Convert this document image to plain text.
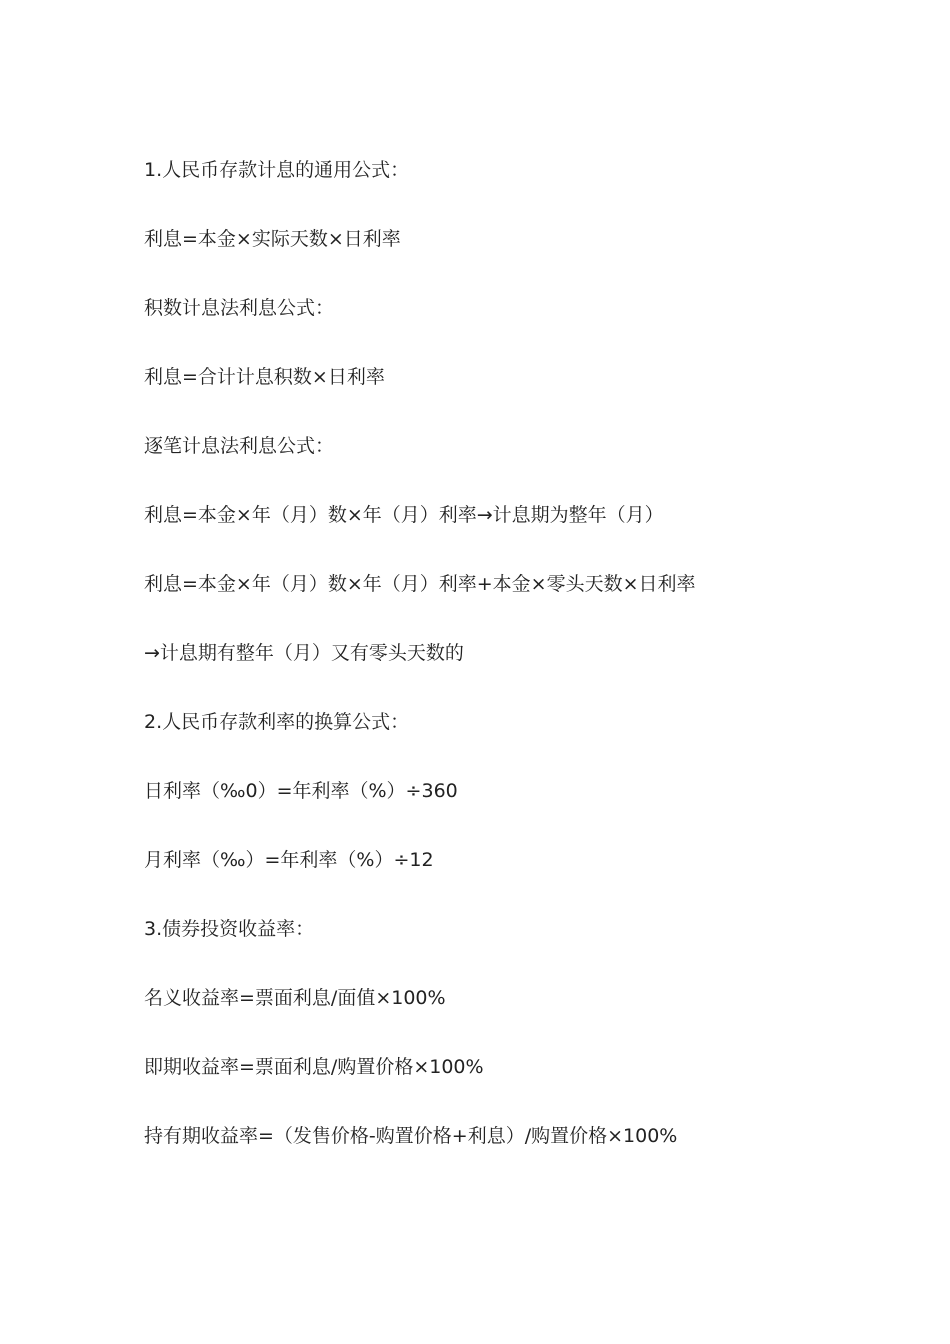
1.人民币存款计息的通用公式：

利息=本金×实际天数×日利率

积数计息法利息公式：

利息=合计计息积数×日利率

逐笔计息法利息公式：

利息=本金×年（月）数×年（月）利率→计息期为整年（月）

利息=本金×年（月）数×年（月）利率+本金×零头天数×日利率

→计息期有整年（月）又有零头天数的

2.人民币存款利率的换算公式：

日利率（‰0）=年利率（%）÷360

月利率（‰）=年利率（%）÷12

3.债券投资收益率：

名义收益率=票面利息/面值×100%

即期收益率=票面利息/购置价格×100%

持有期收益率=（发售价格-购置价格+利息）/购置价格×100%
